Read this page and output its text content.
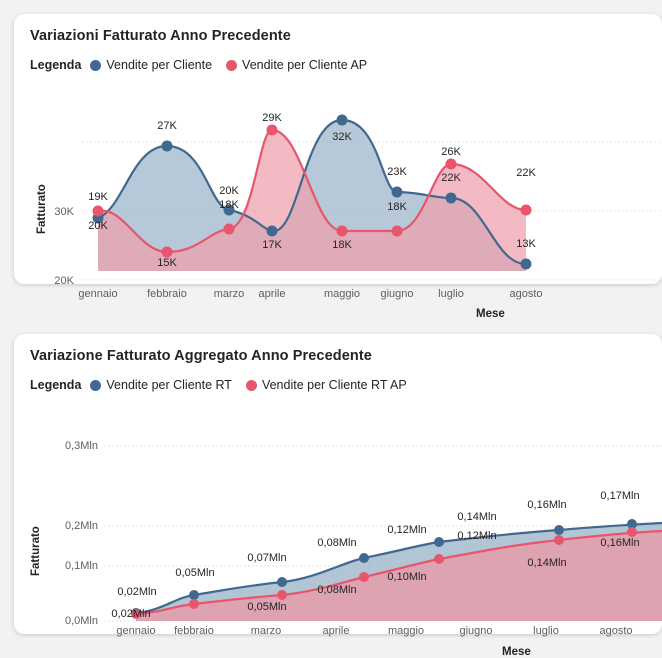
Variazioni Fatturato Anno Precedente
Legenda Vendite per Cliente Vendite per Cliente AP
Fatturato 30K
20K
19K
27K
20K
17K
32K
23K	22K
13K
20K
15K
18K
29K
18K
18K
26K
22K
gennaio	febbraio	marzo	aprile	maggio	giugno	luglio	agosto
Mese
Variazione Fatturato Aggregato Anno Precedente
Legenda Vendite per Cliente RT Vendite per Cliente RT AP
Fatturato
0,3Mln
0,2Mln
0,1Mln
0,0Mln
0,02Mln
0,05Mln
0,07Mln
0,08Mln
0,12Mln
0,14Mln
0,16Mln
0,17Mln
0,02Mln
0,05Mln
0,08Mln
0,10Mln
0,12Mln
0,14Mln
0,16Mln
gennaio	febbraio	marzo	aprile	maggio	giugno	luglio	agosto
Mese
